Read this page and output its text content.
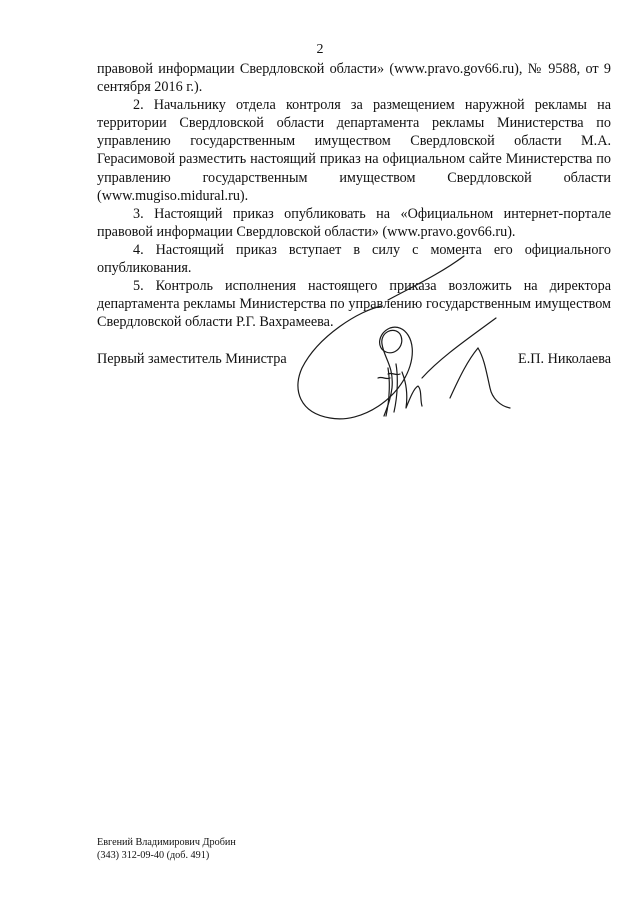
2

правовой информации Свердловской области» (www.pravo.gov66.ru), № 9588, от 9 сентября 2016 г.).

2. Начальнику отдела контроля за размещением наружной рекламы на территории Свердловской области департамента рекламы Министерства по управлению государственным имуществом Свердловской области М.А. Герасимовой разместить настоящий приказ на официальном сайте Министерства по управлению государственным имуществом Свердловской области (www.mugiso.midural.ru).

3. Настоящий приказ опубликовать на «Официальном интернет-портале правовой информации Свердловской области» (www.pravo.gov66.ru).

4. Настоящий приказ вступает в силу с момента его официального опубликования.

5. Контроль исполнения настоящего приказа возложить на директора департамента рекламы Министерства по управлению государственным имуществом Свердловской области Р.Г. Вахрамеева.

Первый заместитель Министра	Е.П. Николаева
Евгений Владимирович Дробин
(343) 312-09-40 (доб. 491)
